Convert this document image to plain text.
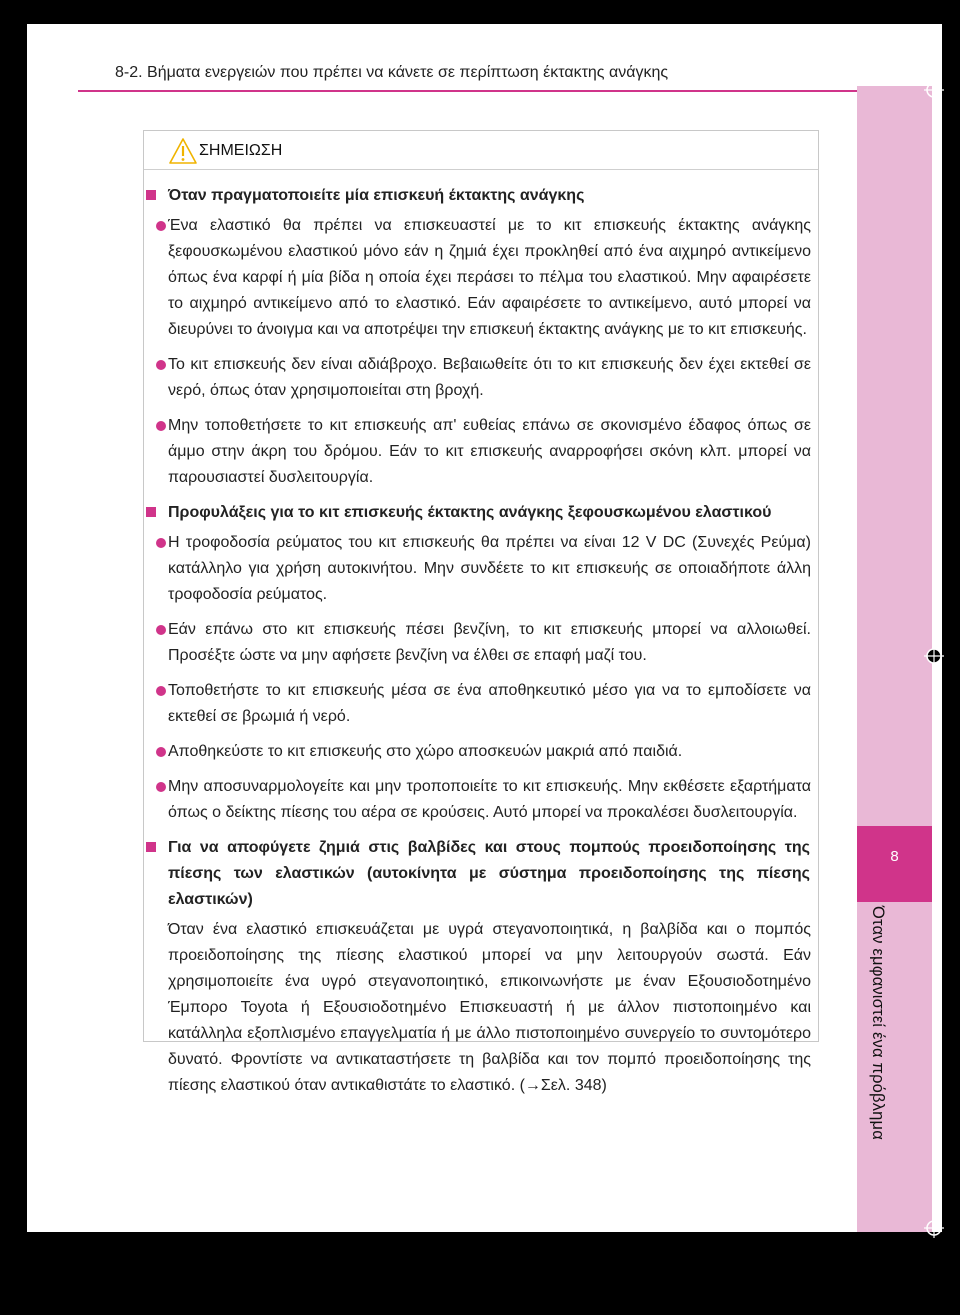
8-2. Βήματα ενεργειών που πρέπει να κάνετε σε περίπτωση έκτακτης ανάγκης
8
Όταν εμφανιστεί ένα πρόβλημα
ΣΗΜΕΙΩΣΗ
Όταν πραγματοποιείτε μία επισκευή έκτακτης ανάγκης

Ένα ελαστικό θα πρέπει να επισκευαστεί με το κιτ επισκευής έκτακτης ανάγκης ξεφουσκωμένου ελαστικού μόνο εάν η ζημιά έχει προκληθεί από ένα αιχμηρό αντικείμενο όπως ένα καρφί ή μία βίδα η οποία έχει περάσει το πέλμα του ελαστικού. Μην αφαιρέσετε το αιχμηρό αντικείμενο από το ελαστικό. Εάν αφαιρέσετε το αντικείμενο, αυτό μπορεί να διευρύνει το άνοιγμα και να αποτρέψει την επισκευή έκτακτης ανάγκης με το κιτ επισκευής.

Το κιτ επισκευής δεν είναι αδιάβροχο. Βεβαιωθείτε ότι το κιτ επισκευής δεν έχει εκτεθεί σε νερό, όπως όταν χρησιμοποιείται στη βροχή.

Μην τοποθετήσετε το κιτ επισκευής απ' ευθείας επάνω σε σκονισμένο έδαφος όπως σε άμμο στην άκρη του δρόμου. Εάν το κιτ επισκευής αναρροφήσει σκόνη κλπ. μπορεί να παρουσιαστεί δυσλειτουργία.

Προφυλάξεις για το κιτ επισκευής έκτακτης ανάγκης ξεφουσκωμένου ελαστικού

Η τροφοδοσία ρεύματος του κιτ επισκευής θα πρέπει να είναι 12 V DC (Συνεχές Ρεύμα) κατάλληλο για χρήση αυτοκινήτου. Μην συνδέετε το κιτ επισκευής σε οποιαδήποτε άλλη τροφοδοσία ρεύματος.

Εάν επάνω στο κιτ επισκευής πέσει βενζίνη, το κιτ επισκευής μπορεί να αλλοιωθεί. Προσέξτε ώστε να μην αφήσετε βενζίνη να έλθει σε επαφή μαζί του.

Τοποθετήστε το κιτ επισκευής μέσα σε ένα αποθηκευτικό μέσο για να το εμποδίσετε να εκτεθεί σε βρωμιά ή νερό.

Αποθηκεύστε το κιτ επισκευής στο χώρο αποσκευών μακριά από παιδιά.

Μην αποσυναρμολογείτε και μην τροποποιείτε το κιτ επισκευής. Μην εκθέσετε εξαρτήματα όπως ο δείκτης πίεσης του αέρα σε κρούσεις. Αυτό μπορεί να προκαλέσει δυσλειτουργία.

Για να αποφύγετε ζημιά στις βαλβίδες και στους πομπούς προειδοποίησης της πίεσης των ελαστικών (αυτοκίνητα με σύστημα προειδοποίησης της πίεσης ελαστικών)
Όταν ένα ελαστικό επισκευάζεται με υγρά στεγανοποιητικά, η βαλβίδα και ο πομπός προειδοποίησης της πίεσης ελαστικού μπορεί να μην λειτουργούν σωστά. Εάν χρησιμοποιείτε ένα υγρό στεγανοποιητικό, επικοινωνήστε με έναν Εξουσιοδοτημένο Έμπορο Toyota ή Εξουσιοδοτημένο Επισκευαστή ή με άλλον πιστοποιημένο και κατάλληλα εξοπλισμένο επαγγελματία ή με άλλο πιστοποιημένο συνεργείο το συντομότερο δυνατό. Φροντίστε να αντικαταστήσετε τη βαλβίδα και τον πομπό προειδοποίησης της πίεσης ελαστικού όταν αντικαθιστάτε το ελαστικό. (→Σελ. 348)
